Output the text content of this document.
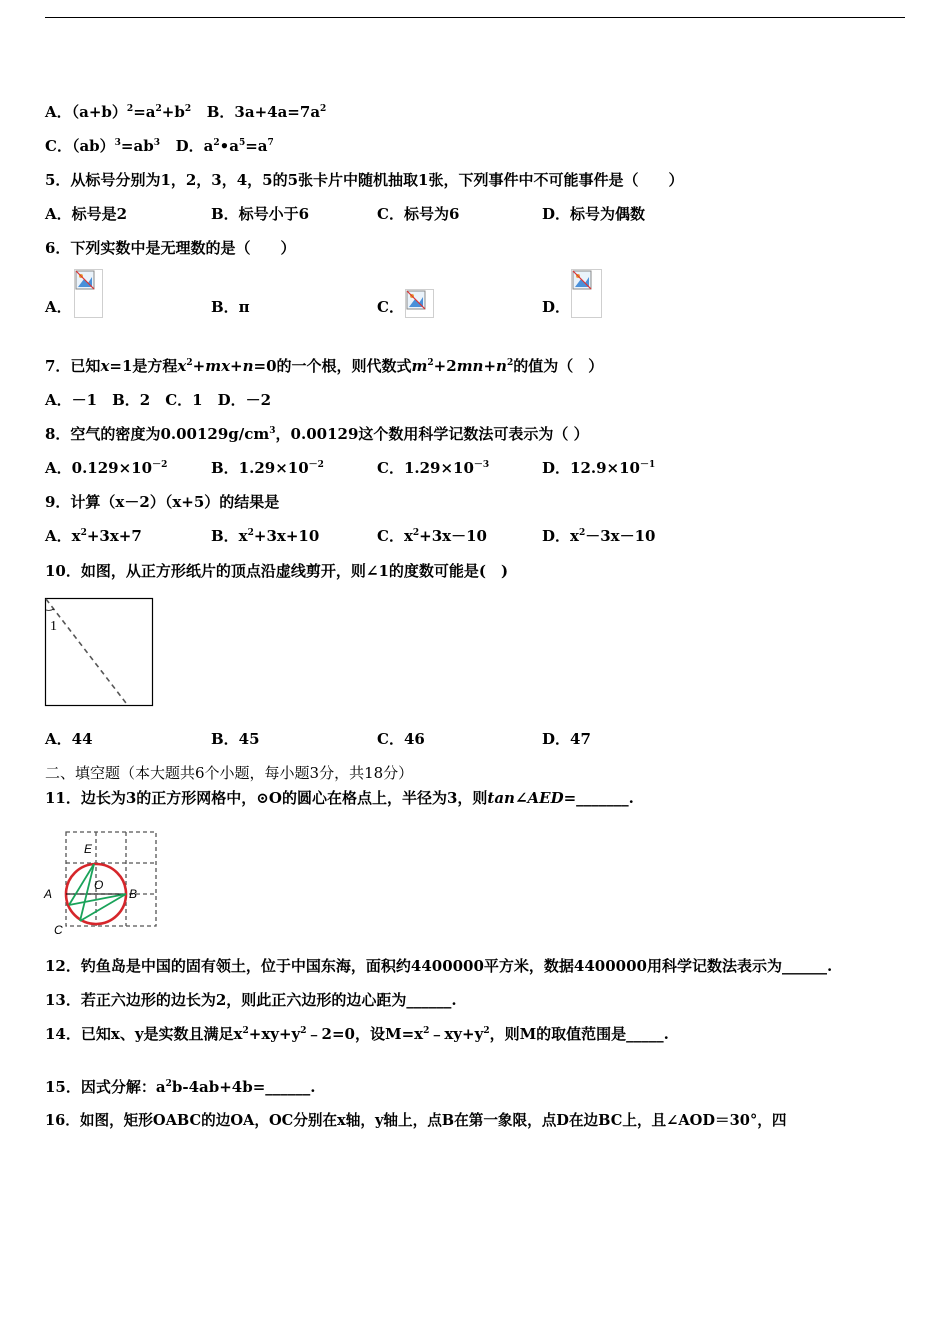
A．$(a+b)^2=a^2+b^2$ B．$3a+4a=7a^2$
C．$(ab)^3=ab^3$ D．$a^2•a^5=a^7$
5．从标号分别为1，2，3，4，5的5张卡片中随机抽取1张，下列事件中不可能事件是（　　）
A．标号是2	B．标号小于6	C．标号为6	D．标号为偶数
6．下列实数中是无理数的是（　　）
A．	B．π	C．	D．
7．已知x=1是方程$x^2+mx+n=0$的一个根，则代数式$m^2+2mn+n^2$的值为（　）
A．－1　B．2　C．1　D．－2
8．空气的密度为$0.00129g/cm^3$，0.00129这个数用科学记数法可表示为（ ）
A．$0.129\times 10^{-2}$	B．$1.29\times 10^{-2}$	C．$1.29\times 10^{-3}$	D．$12.9\times 10^{-1}$
9．计算（x－2）（x+5）的结果是
A．$x^2+3x+7$	B．$x^2+3x+10$	C．$x^2+3x-10$	D．$x^2-3x-10$
10．如图，从正方形纸片的顶点沿虚线剪开，则∠1的度数可能是(　)
1
A．44	B．45	C．46	D．47
二、填空题（本大题共6个小题，每小题3分，共18分）
11．边长为3的正方形网格中，⊙O的圆心在格点上，半径为3，则tan∠AED=_______.
E
O
A	B
C
12．钓鱼岛是中国的固有领土，位于中国东海，面积约4400000平方米，数据4400000用科学记数法表示为______.
13．若正六边形的边长为2，则此正六边形的边心距为______.
14．已知x、y是实数且满足$x^2+xy+y^2﹣2=0$，设$M=x^2﹣xy+y^2$，则M的取值范围是_____.
15．因式分解：$a^2b-4ab+4b=\_\_\_\_\_\_$.
16．如图，矩形OABC的边OA，OC分别在x轴，y轴上，点B在第一象限，点D在边BC上，且∠AOD＝30°，四
